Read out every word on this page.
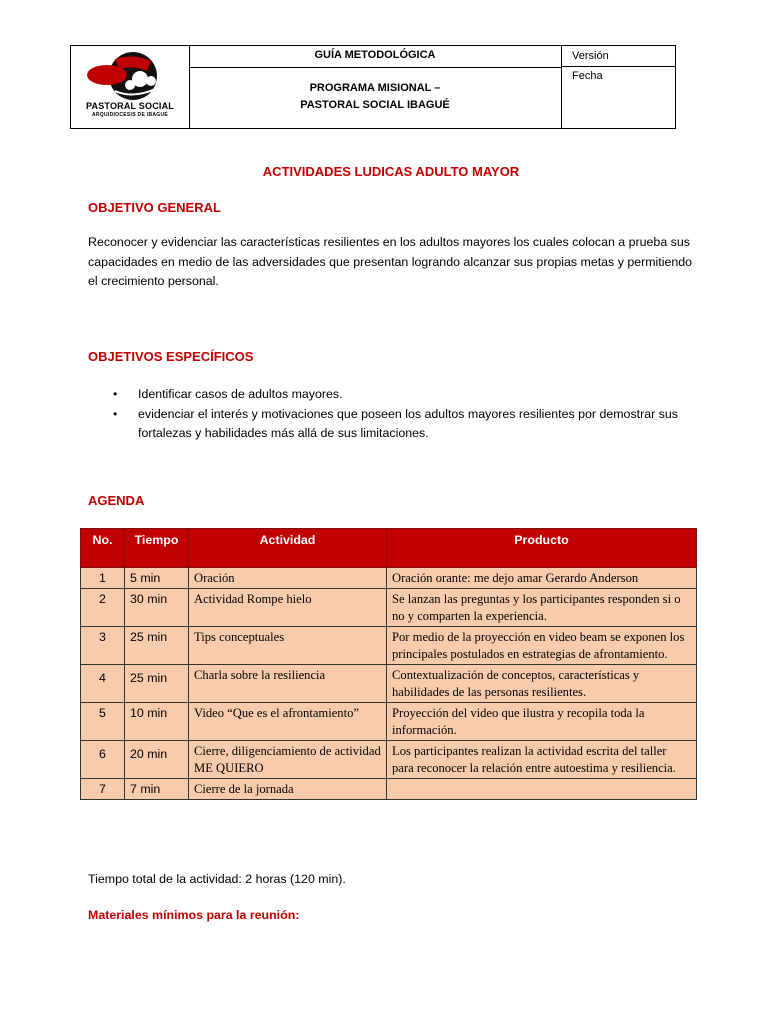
PASTORAL SOCIAL
ARQUIDIOCESIS DE IBAGUÉ
GUÍA METODOLÓGICA
PROGRAMA MISIONAL –
PASTORAL SOCIAL IBAGUÉ
Versión
Fecha
ACTIVIDADES LUDICAS ADULTO MAYOR
OBJETIVO GENERAL
Reconocer y evidenciar las características resilientes en los adultos mayores los cuales colocan a prueba sus capacidades en medio de las adversidades que presentan logrando alcanzar sus propias metas y permitiendo el crecimiento personal.
OBJETIVOS ESPECÍFICOS
• Identificar casos de adultos mayores.
• evidenciar el interés y motivaciones que poseen los adultos mayores resilientes por demostrar sus fortalezas y habilidades más allá de sus limitaciones.
AGENDA
No.	Tiempo	Actividad	Producto
1	5 min	Oración	Oración orante: me dejo amar Gerardo Anderson
2	30 min	Actividad Rompe hielo	Se lanzan las preguntas y los participantes responden si o no y comparten la experiencia.
3	25 min	Tips conceptuales	Por medio de la proyección en video beam se exponen los principales postulados en estrategias de afrontamiento.
4	25 min	Charla sobre la resiliencia	Contextualización de conceptos, características y habilidades de las personas resilientes.
5	10 min	Video “Que es el afrontamiento”	Proyección del video que ilustra y recopila toda la información.
6	20 min	Cierre, diligenciamiento de actividad ME QUIERO	Los participantes realizan la actividad escrita del taller para reconocer la relación entre autoestima y resiliencia.
7	7 min	Cierre de la jornada	
Tiempo total de la actividad: 2 horas (120 min).
Materiales mínimos para la reunión:
